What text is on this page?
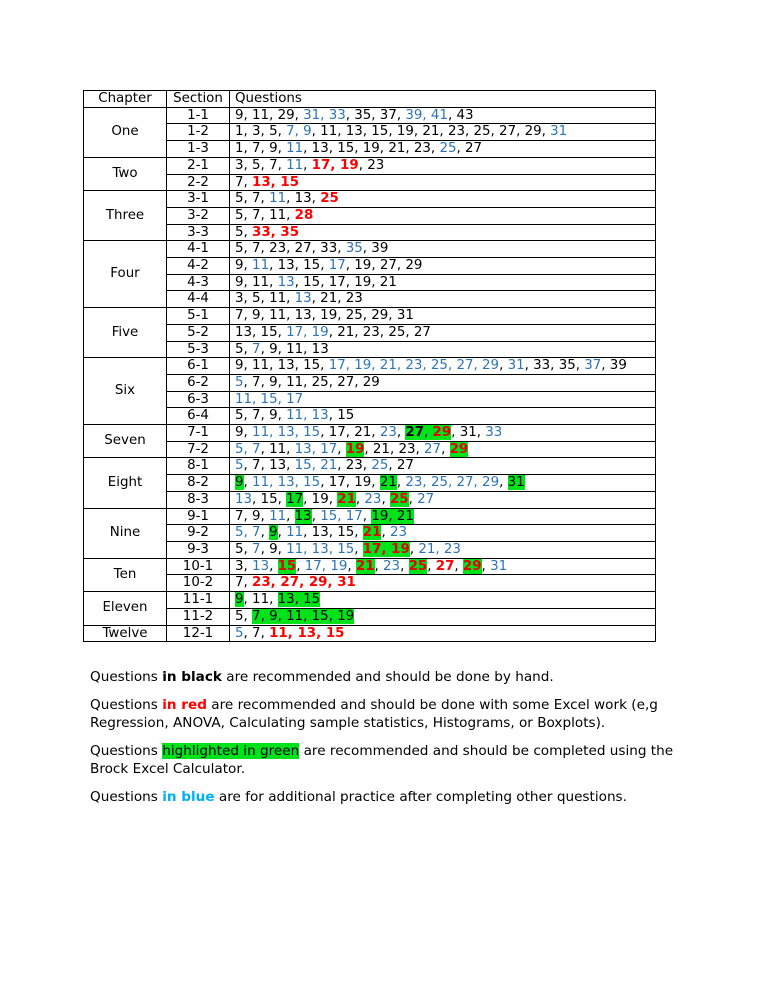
Chapter	Section	Questions
One	1-1	9, 11, 29, 31, 33, 35, 37, 39, 41, 43
	1-2	1, 3, 5, 7, 9, 11, 13, 15, 19, 21, 23, 25, 27, 29, 31
	1-3	1, 7, 9, 11, 13, 15, 19, 21, 23, 25, 27
Two	2-1	3, 5, 7, 11, 17, 19, 23
	2-2	7, 13, 15
Three	3-1	5, 7, 11, 13, 25
	3-2	5, 7, 11, 28
	3-3	5, 33, 35
Four	4-1	5, 7, 23, 27, 33, 35, 39
	4-2	9, 11, 13, 15, 17, 19, 27, 29
	4-3	9, 11, 13, 15, 17, 19, 21
	4-4	3, 5, 11, 13, 21, 23
Five	5-1	7, 9, 11, 13, 19, 25, 29, 31
	5-2	13, 15, 17, 19, 21, 23, 25, 27
	5-3	5, 7, 9, 11, 13
Six	6-1	9, 11, 13, 15, 17, 19, 21, 23, 25, 27, 29, 31, 33, 35, 37, 39
	6-2	5, 7, 9, 11, 25, 27, 29
	6-3	11, 15, 17
	6-4	5, 7, 9, 11, 13, 15
Seven	7-1	9, 11, 13, 15, 17, 21, 23, 27, 29, 31, 33
	7-2	5, 7, 11, 13, 17, 19, 21, 23, 27, 29
Eight	8-1	5, 7, 13, 15, 21, 23, 25, 27
	8-2	9, 11, 13, 15, 17, 19, 21, 23, 25, 27, 29, 31
	8-3	13, 15, 17, 19, 21, 23, 25, 27
Nine	9-1	7, 9, 11, 13, 15, 17, 19, 21
	9-2	5, 7, 9, 11, 13, 15, 21, 23
	9-3	5, 7, 9, 11, 13, 15, 17, 19, 21, 23
Ten	10-1	3, 13, 15, 17, 19, 21, 23, 25, 27, 29, 31
	10-2	7, 23, 27, 29, 31
Eleven	11-1	9, 11, 13, 15
	11-2	5, 7, 9, 11, 15, 19
Twelve	12-1	5, 7, 11, 13, 15

Questions in black are recommended and should be done by hand.

Questions in red are recommended and should be done with some Excel work (e,g Regression, ANOVA, Calculating sample statistics, Histograms, or Boxplots).

Questions highlighted in green are recommended and should be completed using the Brock Excel Calculator.

Questions in blue are for additional practice after completing other questions.
